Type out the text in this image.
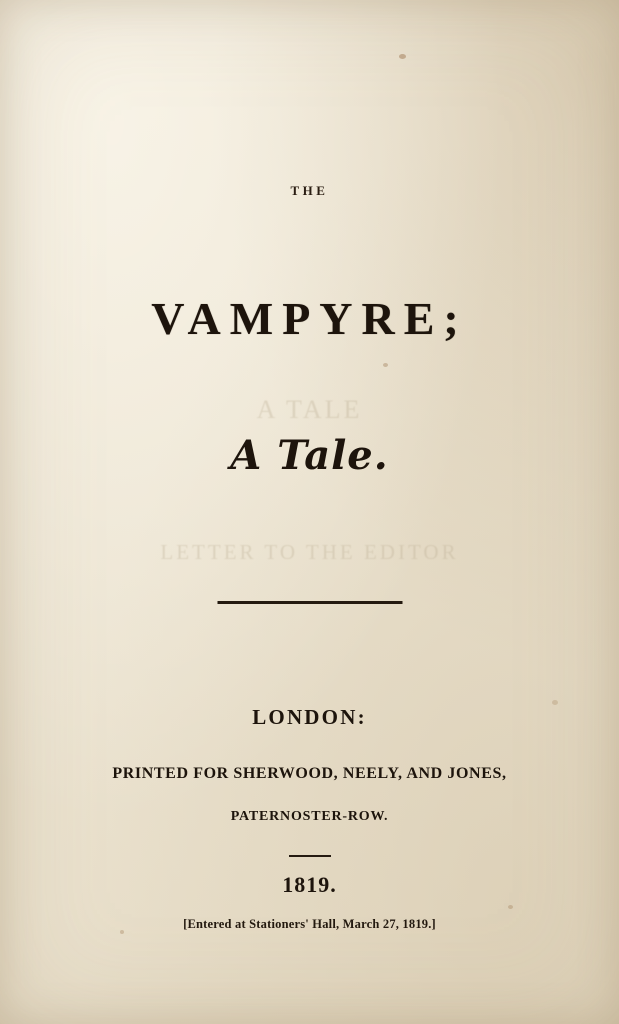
A TALE
LETTER TO THE EDITOR
THE
VAMPYRE;
A Tale.
LONDON:
PRINTED FOR SHERWOOD, NEELY, AND JONES,
PATERNOSTER-ROW.
1819.
[Entered at Stationers' Hall, March 27, 1819.]
